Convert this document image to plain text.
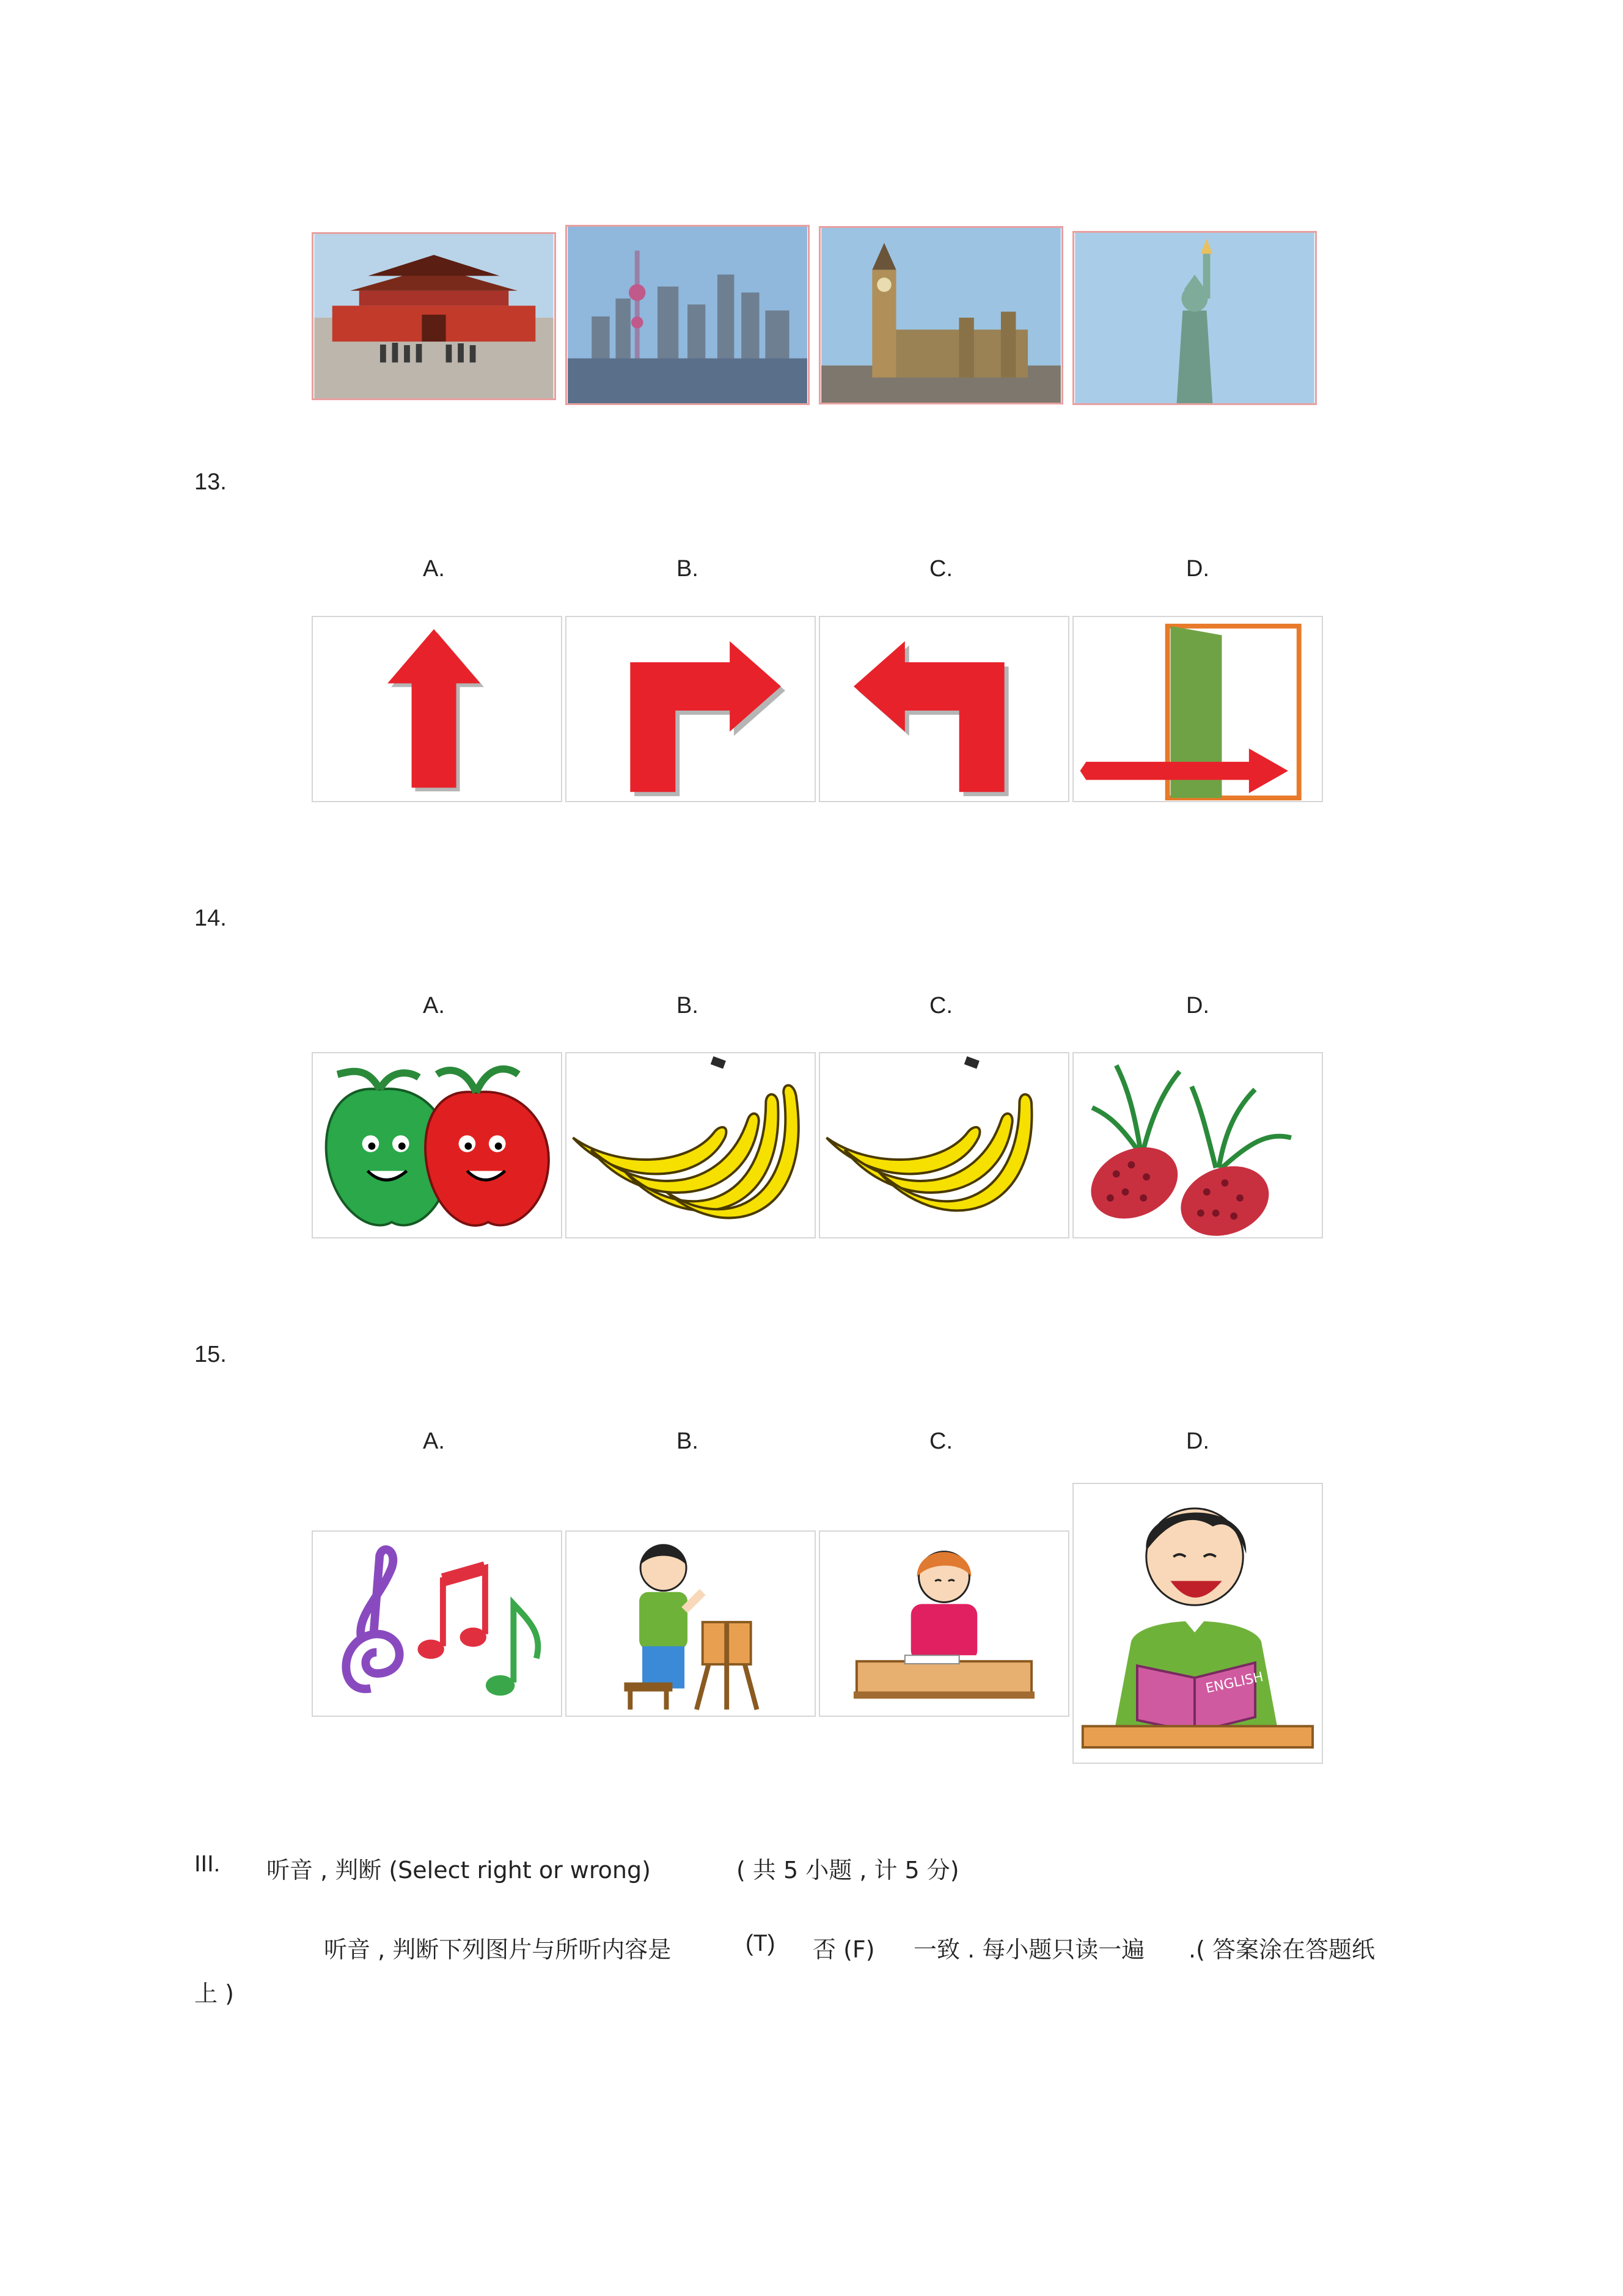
13.
A.	B.	C.	D.
14.
A.	B.	C.	D.
15.
A.	B.	C.	D.
ENGLISH
III. 听音 , 判断 (Select right or wrong)	( 共 5 小题 , 计 5 分)
听音 , 判断下列图片与所听内容是	(T) 否 (F) 一致 . 每小题只读一遍 .( 答案涂在答题纸
上 )
